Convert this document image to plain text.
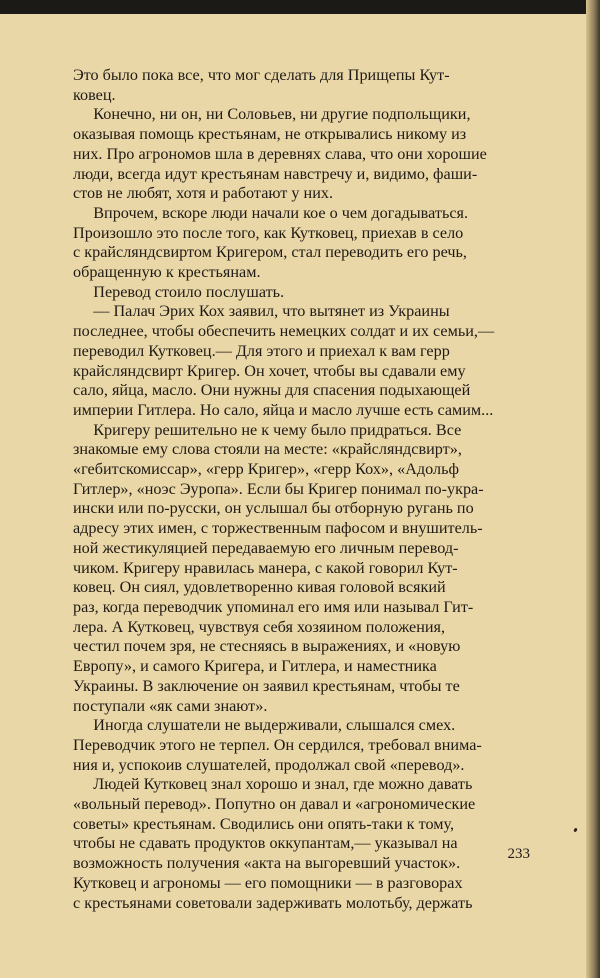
Это было пока все, что мог сделать для Прищепы Кут-
ковец.

Конечно, ни он, ни Соловьев, ни другие подпольщики,
оказывая помощь крестьянам, не открывались никому из
них. Про агрономов шла в деревнях слава, что они хорошие
люди, всегда идут крестьянам навстречу и, видимо, фаши-
стов не любят, хотя и работают у них.

Впрочем, вскоре люди начали кое о чем догадываться.
Произошло это после того, как Кутковец, приехав в село
с крайсляндсвиртом Кригером, стал переводить его речь,
обращенную к крестьянам.

Перевод стоило послушать.

— Палач Эрих Кох заявил, что вытянет из Украины
последнее, чтобы обеспечить немецких солдат и их семьи,—
переводил Кутковец.— Для этого и приехал к вам герр
крайсляндсвирт Кригер. Он хочет, чтобы вы сдавали ему
сало, яйца, масло. Они нужны для спасения подыхающей
империи Гитлера. Но сало, яйца и масло лучше есть самим...

Кригеру решительно не к чему было придраться. Все
знакомые ему слова стояли на месте: «крайсляндсвирт»,
«гебитскомиссар», «герр Кригер», «герр Кох», «Адольф
Гитлер», «ноэс Эуропа». Если бы Кригер понимал по-укра-
ински или по-русски, он услышал бы отборную ругань по
адресу этих имен, с торжественным пафосом и внушитель-
ной жестикуляцией передаваемую его личным перевод-
чиком. Кригеру нравилась манера, с какой говорил Кут-
ковец. Он сиял, удовлетворенно кивая головой всякий
раз, когда переводчик упоминал его имя или называл Гит-
лера. А Кутковец, чувствуя себя хозяином положения,
честил почем зря, не стесняясь в выражениях, и «новую
Европу», и самого Кригера, и Гитлера, и наместника
Украины. В заключение он заявил крестьянам, чтобы те
поступали «як сами знают».

Иногда слушатели не выдерживали, слышался смех.
Переводчик этого не терпел. Он сердился, требовал внима-
ния и, успокоив слушателей, продолжал свой «перевод».

Людей Кутковец знал хорошо и знал, где можно давать
«вольный перевод». Попутно он давал и «агрономические
советы» крестьянам. Сводились они опять-таки к тому,
чтобы не сдавать продуктов оккупантам,— указывал на
возможность получения «акта на выгоревший участок».
Кутковец и агрономы — его помощники — в разговорах
с крестьянами советовали задерживать молотьбу, держать

233
